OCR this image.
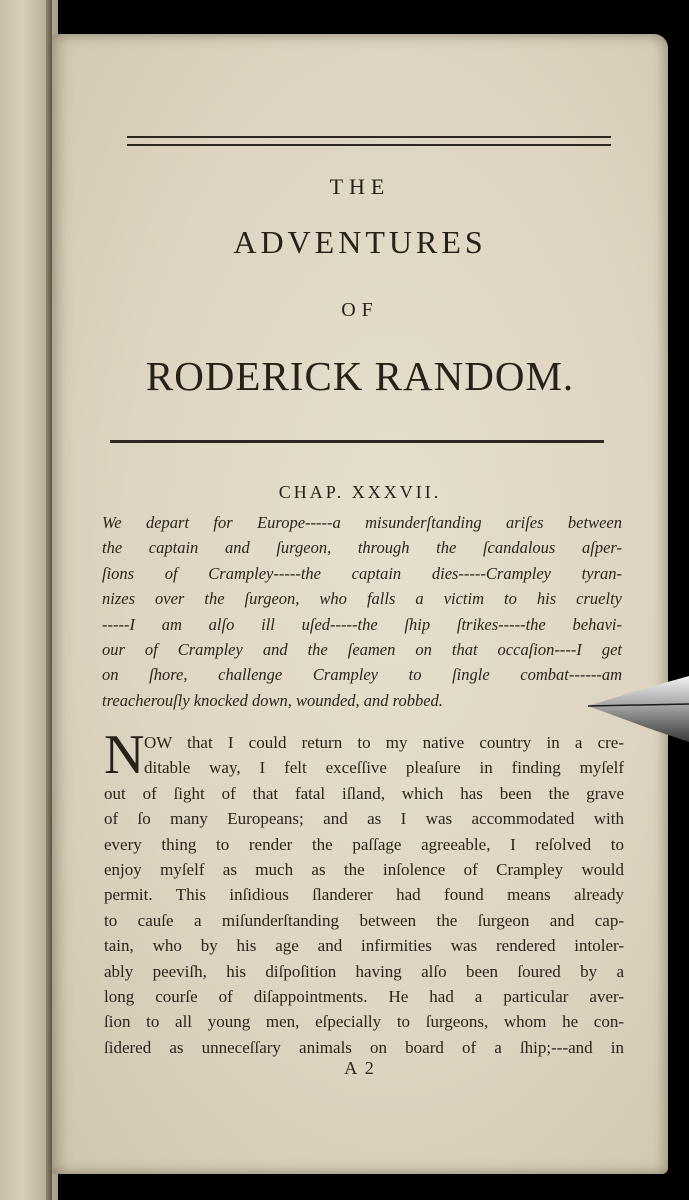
THE
ADVENTURES
OF
RODERICK RANDOM.
CHAP. XXXVII.
We depart for Europe-----a misunderſtanding ariſes between
the captain and ſurgeon, through the ſcandalous aſper-
ſions of Crampley-----the captain dies-----Crampley tyran-
nizes over the ſurgeon, who falls a victim to his cruelty
-----I am alſo ill uſed-----the ſhip ſtrikes-----the behavi-
our of Crampley and the ſeamen on that occaſion----I get
on ſhore, challenge Crampley to ſingle combat------am
treacherouſly knocked down, wounded, and robbed.
N OW that I could return to my native country in a cre-
ditable way, I felt exceſſive pleaſure in finding myſelf
out of ſight of that fatal iſland, which has been the grave
of ſo many Europeans; and as I was accommodated with
every thing to render the paſſage agreeable, I reſolved to
enjoy myſelf as much as the inſolence of Crampley would
permit. This inſidious ſlanderer had found means already
to cauſe a miſunderſtanding between the ſurgeon and cap-
tain, who by his age and infirmities was rendered intoler-
ably peeviſh, his diſpoſition having alſo been ſoured by a
long courſe of diſappointments. He had a particular aver-
ſion to all young men, eſpecially to ſurgeons, whom he con-
ſidered as unneceſſary animals on board of a ſhip;---and in
A 2
